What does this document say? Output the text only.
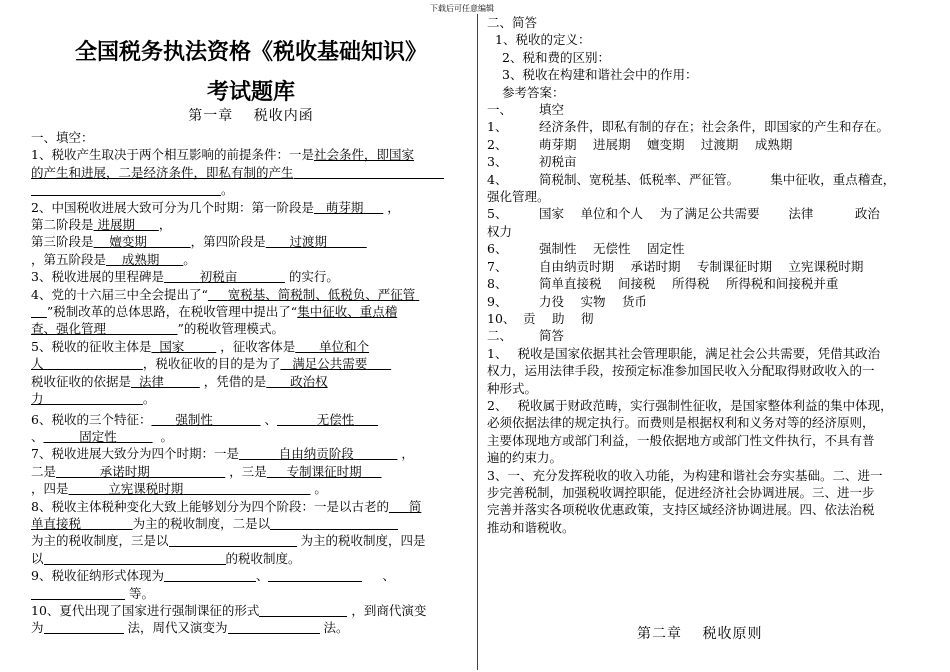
下载后可任意编辑
全国税务执法资格《税收基础知识》
考试题库
第一章　 税收内函
一、填空：
1、税收产生取决于两个相互影响的前提条件：一是社会条件，即国家
的产生和进展，二是经济条件，即私有制的产生
。
2、中国税收进展大致可分为几个时期：第一阶段是 萌芽期 ，
第二阶段是 进展期 ，
第三阶段是 嬗变期	，第四阶段是 过渡期
，第五阶段是 成熟期 。
3、税收进展的里程碑是	初税亩	的实行。
4、党的十六届三中全会提出了“ 宽税基、简税制、低税负、严征管
”税制改革的总体思路，在税收管理中提出了“集中征收、重点稽
查、强化管理	”的税收管理模式。
5、税收的征收主体是 国家	，征收客体是 单位和个
人	，税收征收的目的是为了 满足公共需要
税收征收的依据是 法律	，凭借的是 政治权
力	。
6、税收的三个特征： 强制性	、	无偿性
、	固定性	。
7、税收进展大致分为四个时期：一是	自由纳贡阶段	，
二是	承诺时期	，三是 专制课征时期
，四是	立宪课税时期	。
8、税收主体税种变化大致上能够划分为四个阶段：一是以古老的 简
单直接税	为主的税收制度，二是以
为主的税收制度，三是以	为主的税收制度，四是
以	的税收制度。
9、税收征纳形式体现为	、	、
等。
10、夏代出现了国家进行强制课征的形式	，到商代演变
为	法，周代又演变为	法。
二、简答
1、税收的定义：
2、税和费的区别：
3、税收在构建和谐社会中的作用：
参考答案：
一、	填空
1、	经济条件，即私有制的存在；社会条件，即国家的产生和存在。
2、	萌芽期　 进展期　 嬗变期　 过渡期　 成熟期
3、	初税亩
4、	简税制、宽税基、低税率、严征管。　　　集中征收，重点稽查，
强化管理。
5、	国家　 单位和个人　 为了满足公共需要　　 法律　　　 政治
权力
6、	强制性　 无偿性　 固定性
7、	自由纳贡时期　 承诺时期　 专制课征时期　 立宪课税时期
8、	简单直接税　 间接税　 所得税　 所得税和间接税并重
9、	力役　 实物　 货币
10、 贡　 助　 彻
二、	简答
1、　 税收是国家依据其社会管理职能，满足社会公共需要，凭借其政治
权力，运用法律手段，按预定标准参加国民收入分配取得财政收入的一
种形式。
2、　 税收属于财政范畴，实行强制性征收，是国家整体利益的集中体现，
必须依据法律的规定执行。而费则是根据权利和义务对等的经济原则，
主要体现地方或部门利益，一般依据地方或部门性文件执行，不具有普
遍的约束力。
3、一、充分发挥税收的收入功能，为构建和谐社会夯实基础。二、进一
步完善税制，加强税收调控职能，促进经济社会协调进展。三、进一步
完善并落实各项税收优惠政策，支持区域经济协调进展。四、依法治税
推动和谐税收。
第二章　 税收原则
